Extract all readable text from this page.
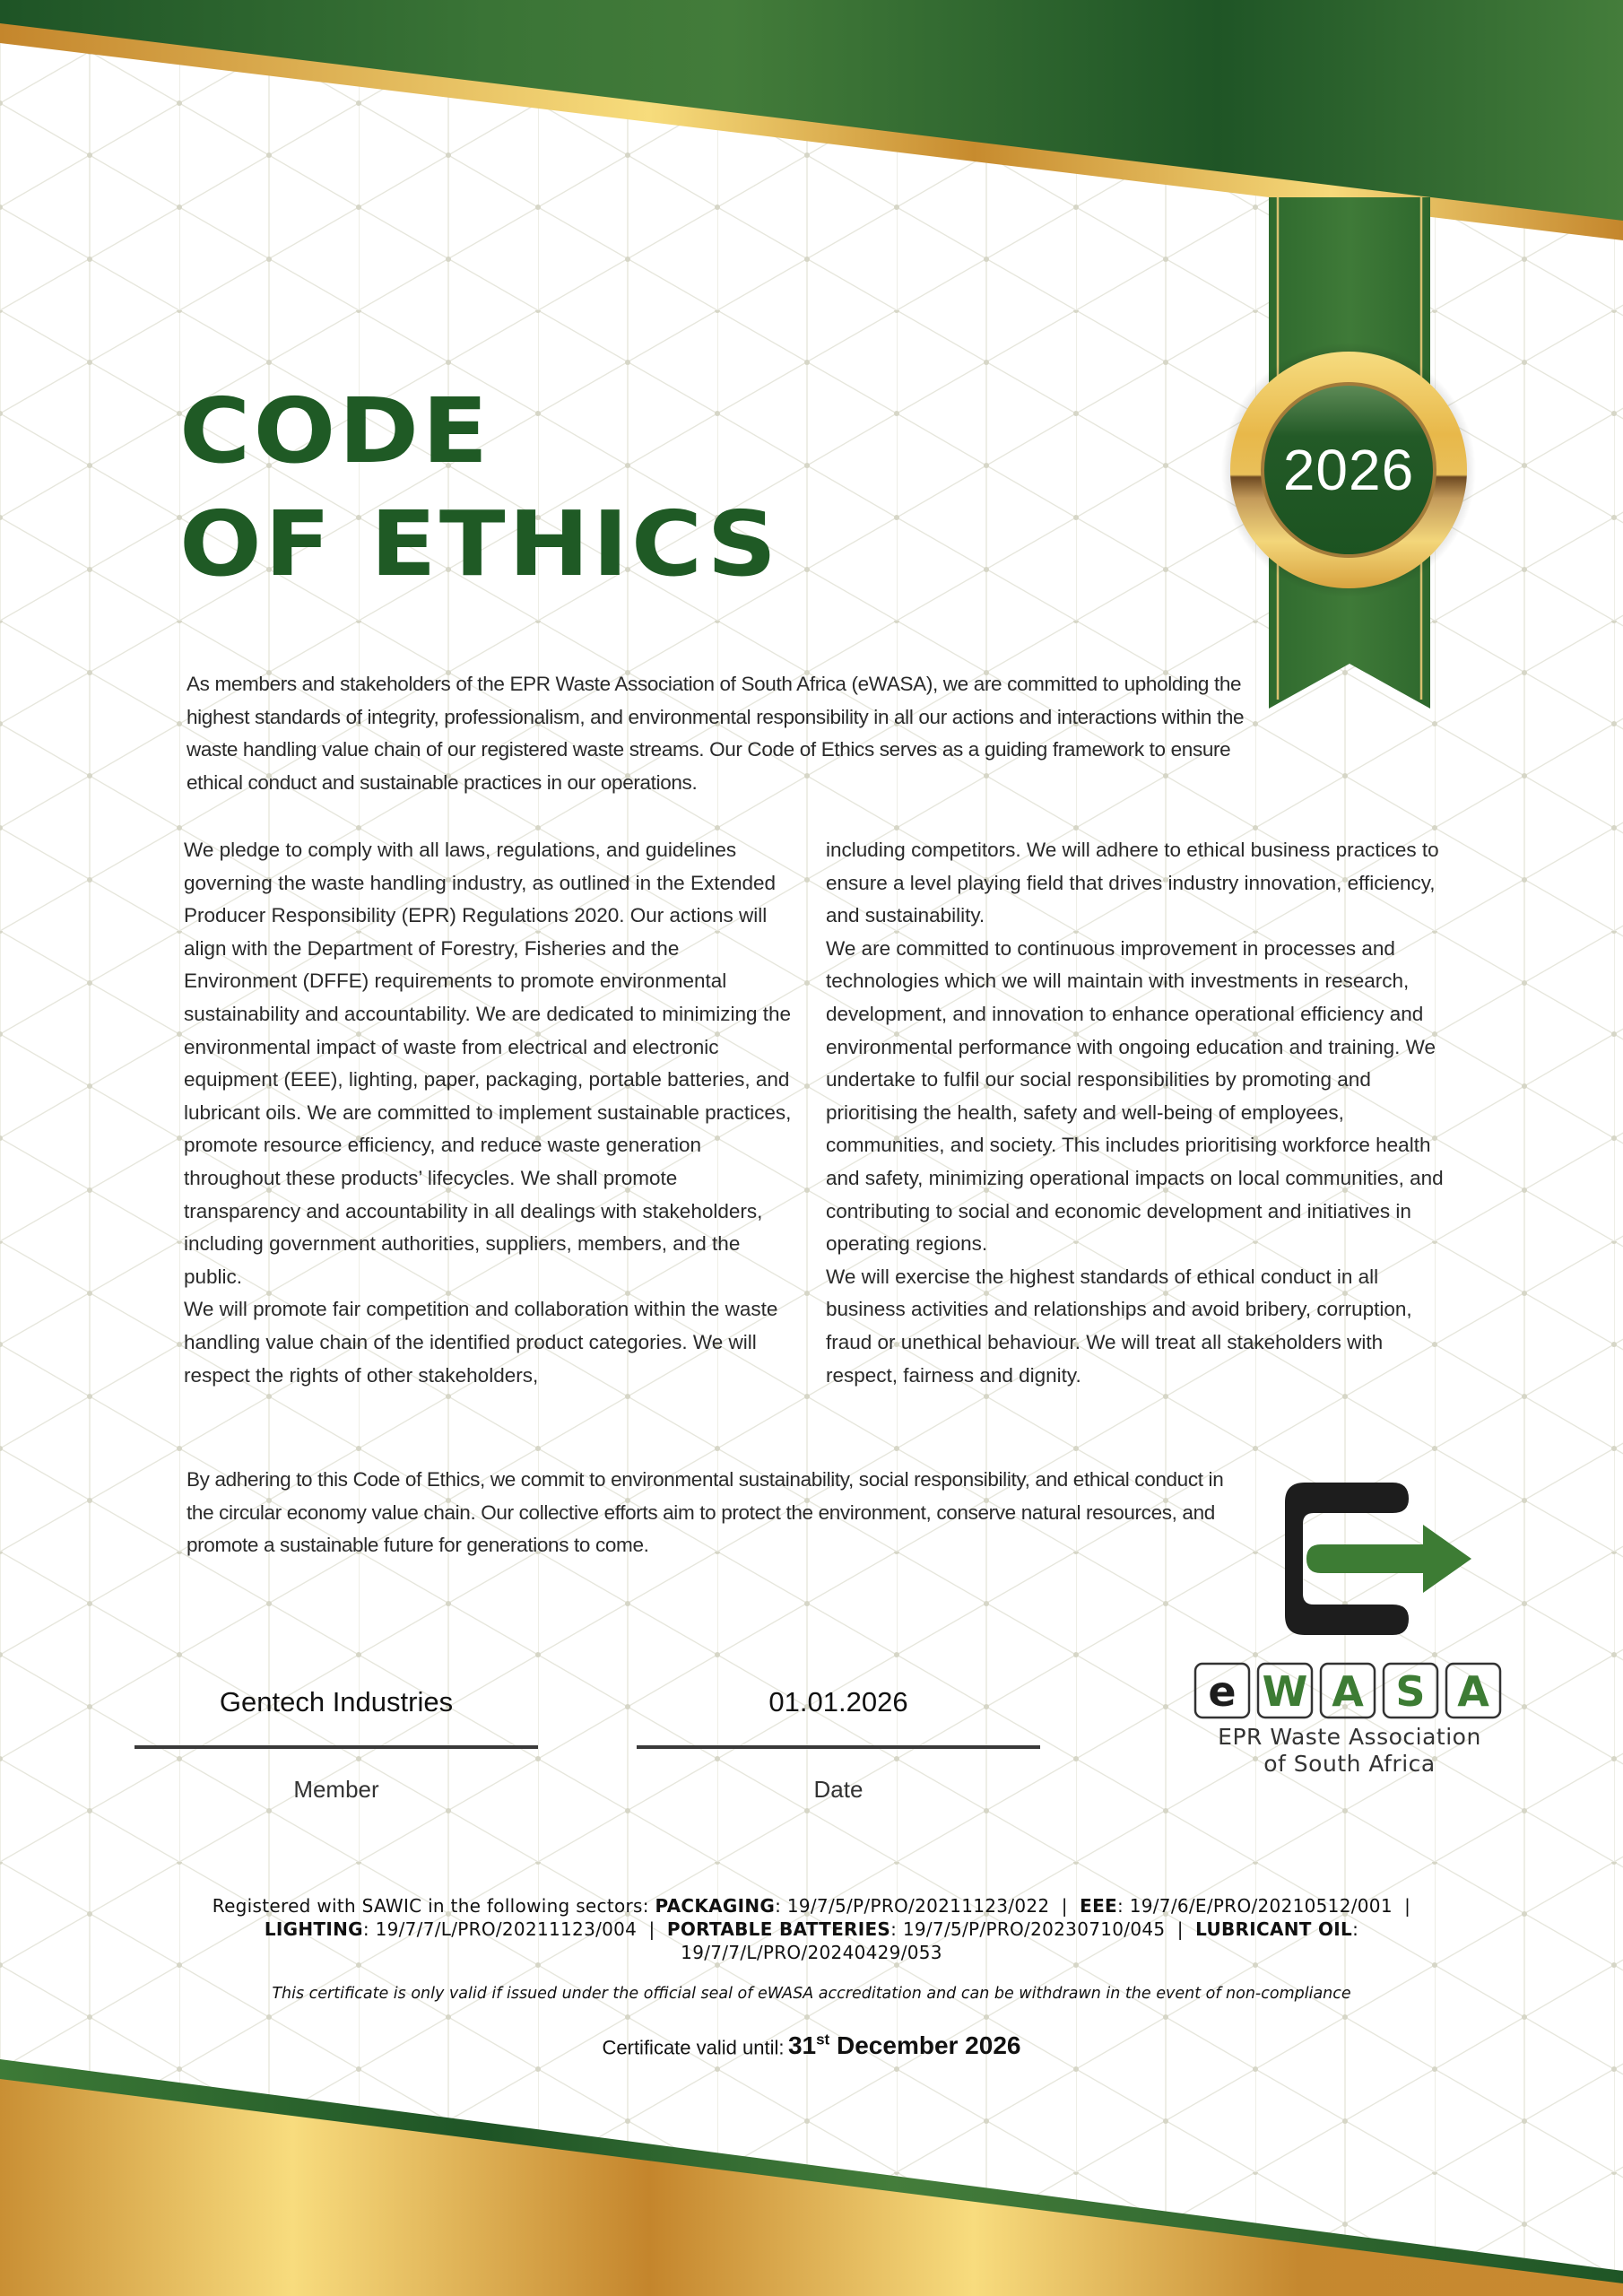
2026
CODE
OF ETHICS

As members and stakeholders of the EPR Waste Association of South Africa (eWASA), we are committed to upholding the highest standards of integrity, professionalism, and environmental responsibility in all our actions and interactions within the waste handling value chain of our registered waste streams. Our Code of Ethics serves as a guiding framework to ensure ethical conduct and sustainable practices in our operations.

We pledge to comply with all laws, regulations, and guidelines governing the waste handling industry, as outlined in the Extended Producer Responsibility (EPR) Regulations 2020. Our actions will align with the Department of Forestry, Fisheries and the Environment (DFFE) requirements to promote environmental sustainability and accountability. We are dedicated to minimizing the environmental impact of waste from electrical and electronic equipment (EEE), lighting, paper, packaging, portable batteries, and lubricant oils. We are committed to implement sustainable practices, promote resource efficiency, and reduce waste generation throughout these products’ lifecycles. We shall promote transparency and accountability in all dealings with stakeholders, including government authorities, suppliers, members, and the public.

We will promote fair competition and collaboration within the waste handling value chain of the identified product categories. We will respect the rights of other stakeholders,

including competitors. We will adhere to ethical business practices to ensure a level playing field that drives industry innovation, efficiency, and sustainability.

We are committed to continuous improvement in processes and technologies which we will maintain with investments in research, development, and innovation to enhance operational efficiency and environmental performance with ongoing education and training. We undertake to fulfil our social responsibilities by promoting and prioritising the health, safety and well-being of employees, communities, and society. This includes prioritising workforce health and safety, minimizing operational impacts on local communities, and contributing to social and economic development and initiatives in operating regions.

We will exercise the highest standards of ethical conduct in all business activities and relationships and avoid bribery, corruption, fraud or unethical behaviour. We will treat all stakeholders with respect, fairness and dignity.

By adhering to this Code of Ethics, we commit to environmental sustainability, social responsibility, and ethical conduct in the circular economy value chain. Our collective efforts aim to protect the environment, conserve natural resources, and promote a sustainable future for generations to come.

Gentech Industries
Member
01.01.2026
Date
e W A S A
EPR Waste Association
of South Africa
Registered with SAWIC in the following sectors: PACKAGING: 19/7/5/P/PRO/20211123/022 | EEE: 19/7/6/E/PRO/20210512/001 |
LIGHTING: 19/7/7/L/PRO/20211123/004 | PORTABLE BATTERIES: 19/7/5/P/PRO/20230710/045 | LUBRICANT OIL:
19/7/7/L/PRO/20240429/053
This certificate is only valid if issued under the official seal of eWASA accreditation and can be withdrawn in the event of non-compliance
Certificate valid until: 31st December 2026
